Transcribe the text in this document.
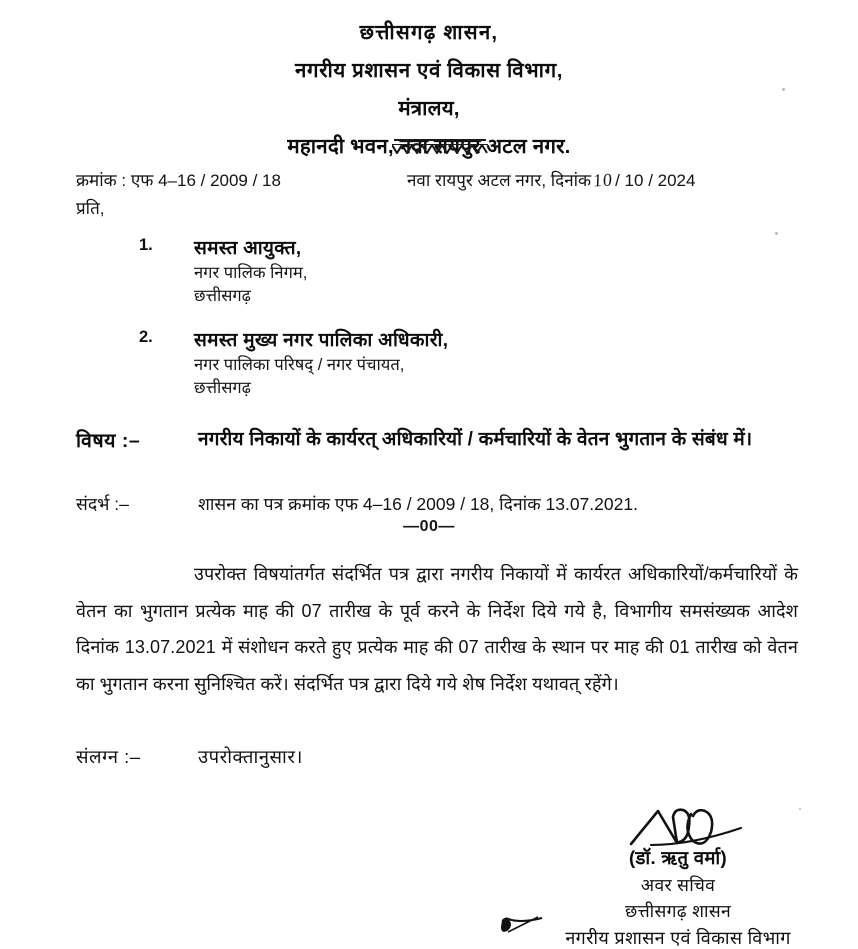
छत्तीसगढ़ शासन,
नगरीय प्रशासन एवं विकास विभाग,
मंत्रालय,
महानदी भवन, नवा रायपुर अटल नगर.
क्रमांक : एफ 4–16 / 2009 / 18	नवा रायपुर अटल नगर, दिनांक10/ 10 / 2024
प्रति,
1. समस्त आयुक्त,
नगर पालिक निगम,
छत्तीसगढ़
2. समस्त मुख्य नगर पालिका अधिकारी,
नगर पालिका परिषद् / नगर पंचायत,
छत्तीसगढ़
विषय :–	नगरीय निकायों के कार्यरत् अधिकारियों / कर्मचारियों के वेतन भुगतान के संबंध में।
संदर्भ :–	शासन का पत्र क्रमांक एफ 4–16 / 2009 / 18, दिनांक 13.07.2021.
—00—
उपरोक्त विषयांतर्गत संदर्भित पत्र द्वारा नगरीय निकायों में कार्यरत अधिकारियों/कर्मचारियों के वेतन का भुगतान प्रत्येक माह की 07 तारीख के पूर्व करने के निर्देश दिये गये है, विभागीय समसंख्यक आदेश दिनांक 13.07.2021 में संशोधन करते हुए प्रत्येक माह की 07 तारीख के स्थान पर माह की 01 तारीख को वेतन का भुगतान करना सुनिश्चित करें। संदर्भित पत्र द्वारा दिये गये शेष निर्देश यथावत् रहेंगे।
संलग्न :–	उपरोक्तानुसार।
(डॉ. ऋतु वर्मा)
अवर सचिव
छत्तीसगढ़ शासन
नगरीय प्रशासन एवं विकास विभाग
